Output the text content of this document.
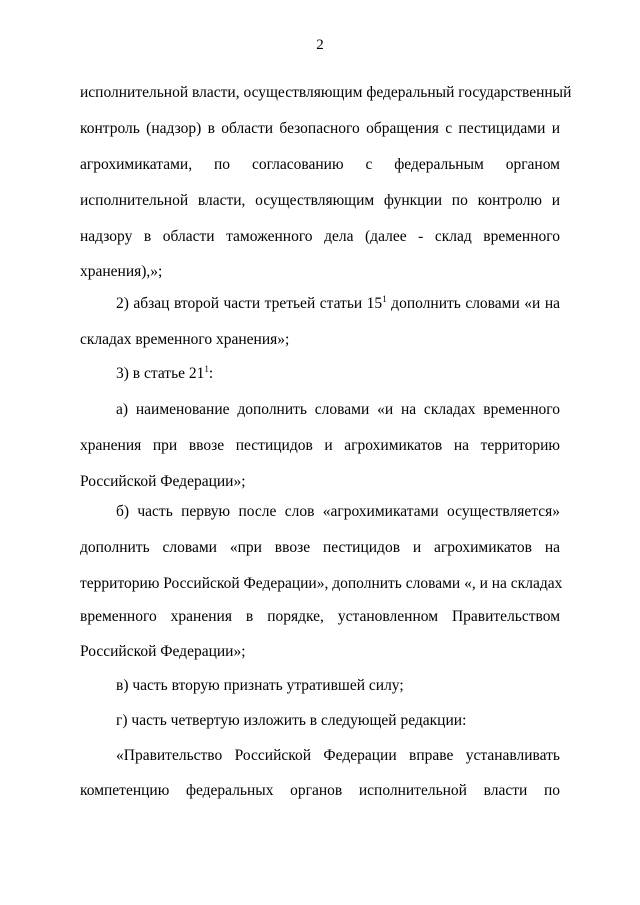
2
исполнительной власти, осуществляющим федеральный государственный
контроль (надзор) в области безопасного обращения с пестицидами и
агрохимикатами, по согласованию с федеральным органом
исполнительной власти, осуществляющим функции по контролю и
надзору в области таможенного дела (далее - склад временного
хранения),»;
2) абзац второй части третьей статьи $15^1$ дополнить словами «и на
складах временного хранения»;
3) в статье $21^1$:
а) наименование дополнить словами «и на складах временного
хранения при ввозе пестицидов и агрохимикатов на территорию
Российской Федерации»;
б) часть первую после слов «агрохимикатами осуществляется»
дополнить словами «при ввозе пестицидов и агрохимикатов на
территорию Российской Федерации», дополнить словами «, и на складах
временного хранения в порядке, установленном Правительством
Российской Федерации»;
в) часть вторую признать утратившей силу;
г) часть четвертую изложить в следующей редакции:
«Правительство Российской Федерации вправе устанавливать
компетенцию федеральных органов исполнительной власти по
